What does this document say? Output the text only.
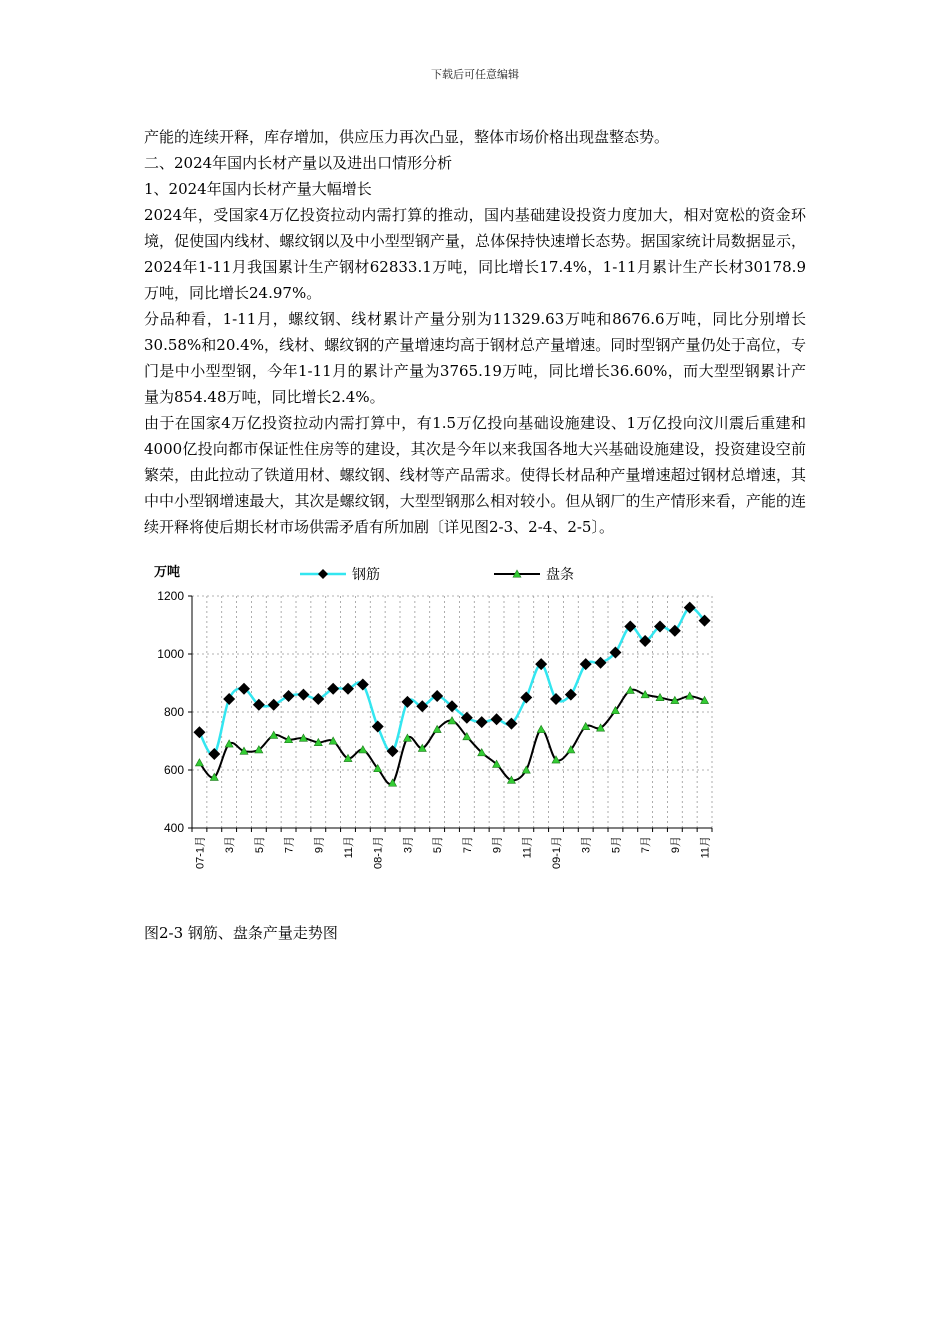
下载后可任意编辑

产能的连续开释，库存增加，供应压力再次凸显，整体市场价格出现盘整态势。

二、2024年国内长材产量以及进出口情形分析

1、2024年国内长材产量大幅增长

2024年，受国家4万亿投资拉动内需打算的推动，国内基础建设投资力度加大，相对宽松的资金环境，促使国内线材、螺纹钢以及中小型型钢产量，总体保持快速增长态势。据国家统计局数据显示，2024年1-11月我国累计生产钢材62833.1万吨，同比增长17.4%，1-11月累计生产长材30178.9万吨，同比增长24.97%。

分品种看，1-11月，螺纹钢、线材累计产量分别为11329.63万吨和8676.6万吨，同比分别增长30.58%和20.4%，线材、螺纹钢的产量增速均高于钢材总产量增速。同时型钢产量仍处于高位，专门是中小型型钢，今年1-11月的累计产量为3765.19万吨，同比增长36.60%，而大型型钢累计产量为854.48万吨，同比增长2.4%。

由于在国家4万亿投资拉动内需打算中，有1.5万亿投向基础设施建设、1万亿投向汶川震后重建和4000亿投向都市保证性住房等的建设，其次是今年以来我国各地大兴基础设施建设，投资建设空前繁荣，由此拉动了铁道用材、螺纹钢、线材等产品需求。使得长材品种产量增速超过钢材总增速，其中中小型钢增速最大，其次是螺纹钢，大型型钢那么相对较小。但从钢厂的生产情形来看，产能的连续开释将使后期长材市场供需矛盾有所加剧〔详见图2-3、2-4、2-5〕。

400
600
800
1000
1200
万吨
07-1月 3月 5月 7月 9月 11月 08-1月 3月 5月 7月 9月 11月 09-1月 3月 5月 7月 9月 11月
钢筋	盘条
图2-3 钢筋、盘条产量走势图
